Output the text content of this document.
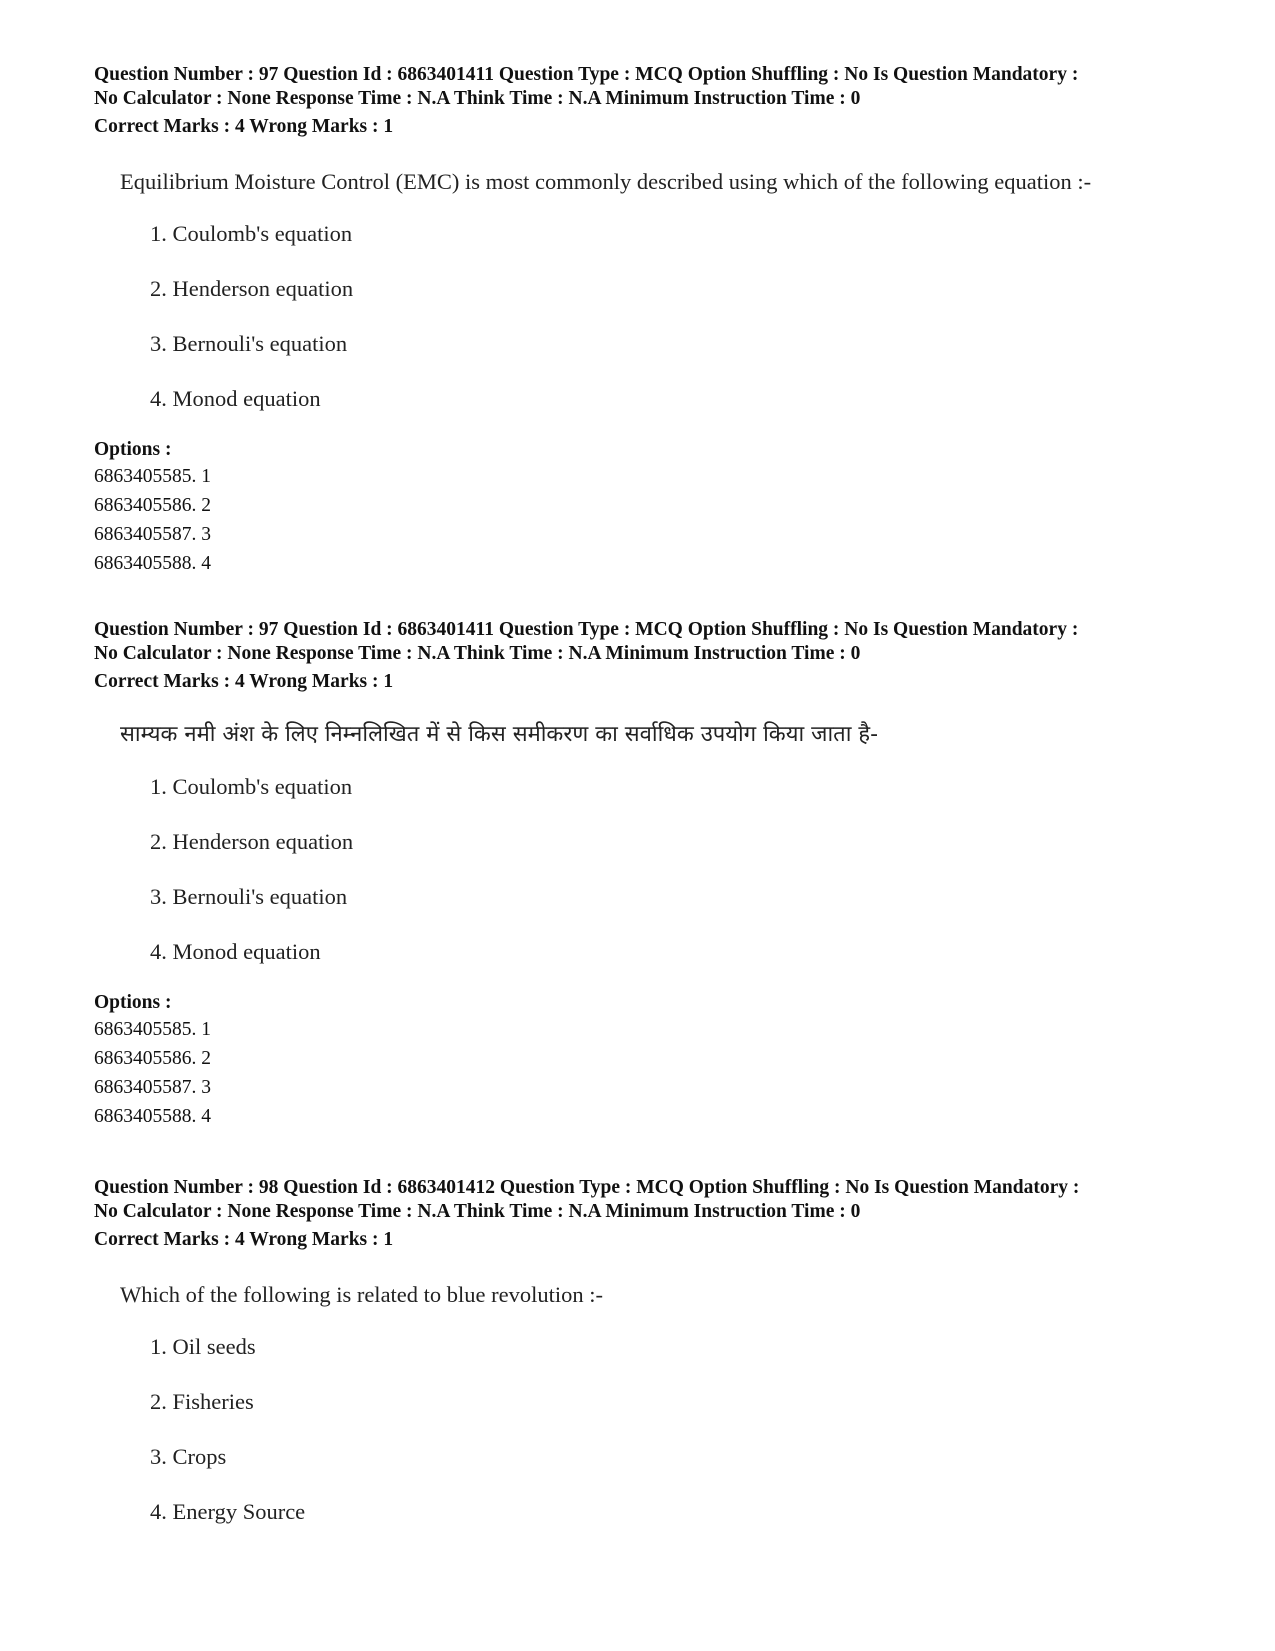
Question Number : 97 Question Id : 6863401411 Question Type : MCQ Option Shuffling : No Is Question Mandatory :
No Calculator : None Response Time : N.A Think Time : N.A Minimum Instruction Time : 0
Correct Marks : 4 Wrong Marks : 1
Equilibrium Moisture Control (EMC) is most commonly described using which of the following equation :-
1. Coulomb's equation
2. Henderson equation
3. Bernouli's equation
4. Monod equation
Options :
6863405585. 1
6863405586. 2
6863405587. 3
6863405588. 4
Question Number : 97 Question Id : 6863401411 Question Type : MCQ Option Shuffling : No Is Question Mandatory :
No Calculator : None Response Time : N.A Think Time : N.A Minimum Instruction Time : 0
Correct Marks : 4 Wrong Marks : 1
साम्यक नमी अंश के लिए निम्नलिखित में से किस समीकरण का सर्वाधिक उपयोग किया जाता है-
1. Coulomb's equation
2. Henderson equation
3. Bernouli's equation
4. Monod equation
Options :
6863405585. 1
6863405586. 2
6863405587. 3
6863405588. 4
Question Number : 98 Question Id : 6863401412 Question Type : MCQ Option Shuffling : No Is Question Mandatory :
No Calculator : None Response Time : N.A Think Time : N.A Minimum Instruction Time : 0
Correct Marks : 4 Wrong Marks : 1
Which of the following is related to blue revolution :-
1. Oil seeds
2. Fisheries
3. Crops
4. Energy Source
